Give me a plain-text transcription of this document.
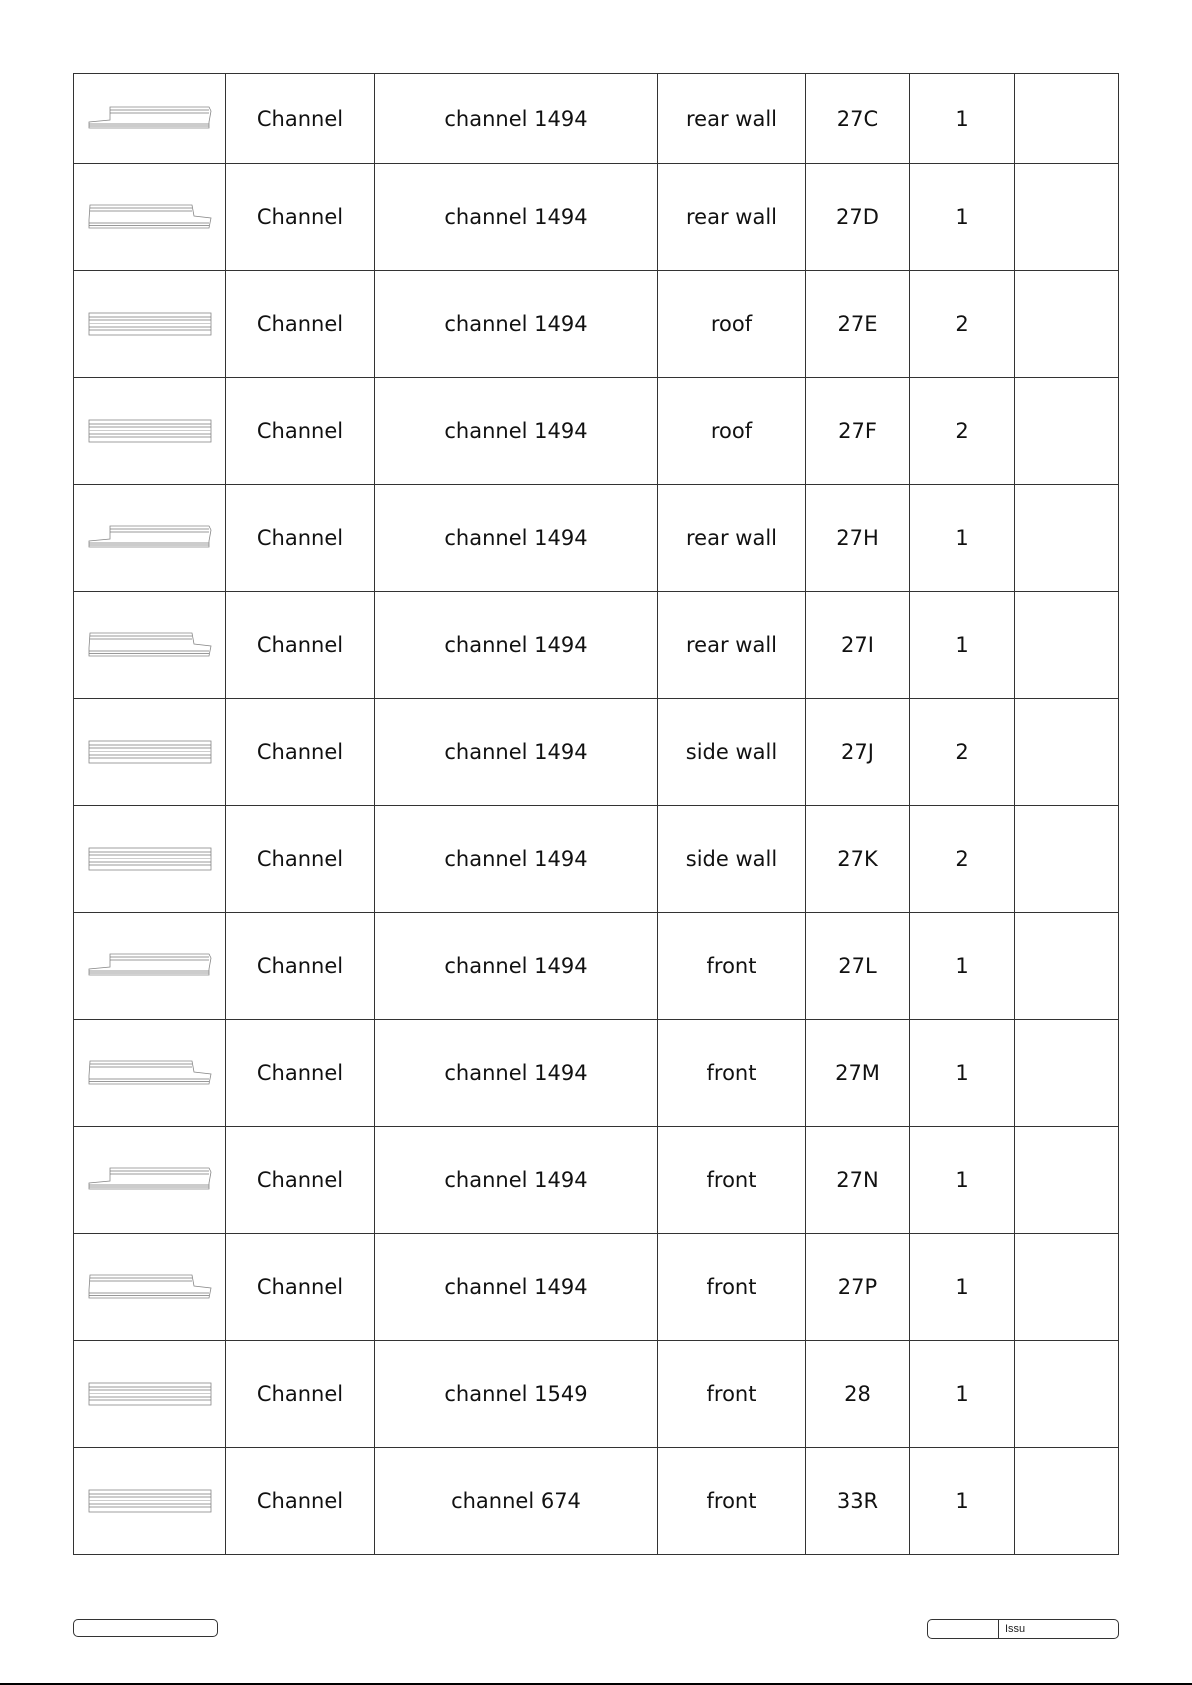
	Channel	channel 1494	rear wall	27C	1	

	Channel	channel 1494	rear wall	27D	1	

	Channel	channel 1494	roof	27E	2	

	Channel	channel 1494	roof	27F	2	

	Channel	channel 1494	rear wall	27H	1	

	Channel	channel 1494	rear wall	27I	1	

	Channel	channel 1494	side wall	27J	2	

	Channel	channel 1494	side wall	27K	2	

	Channel	channel 1494	front	27L	1	

	Channel	channel 1494	front	27M	1	

	Channel	channel 1494	front	27N	1	

	Channel	channel 1494	front	27P	1	

	Channel	channel 1549	front	28	1	

	Channel	channel 674	front	33R	1	
Issu
